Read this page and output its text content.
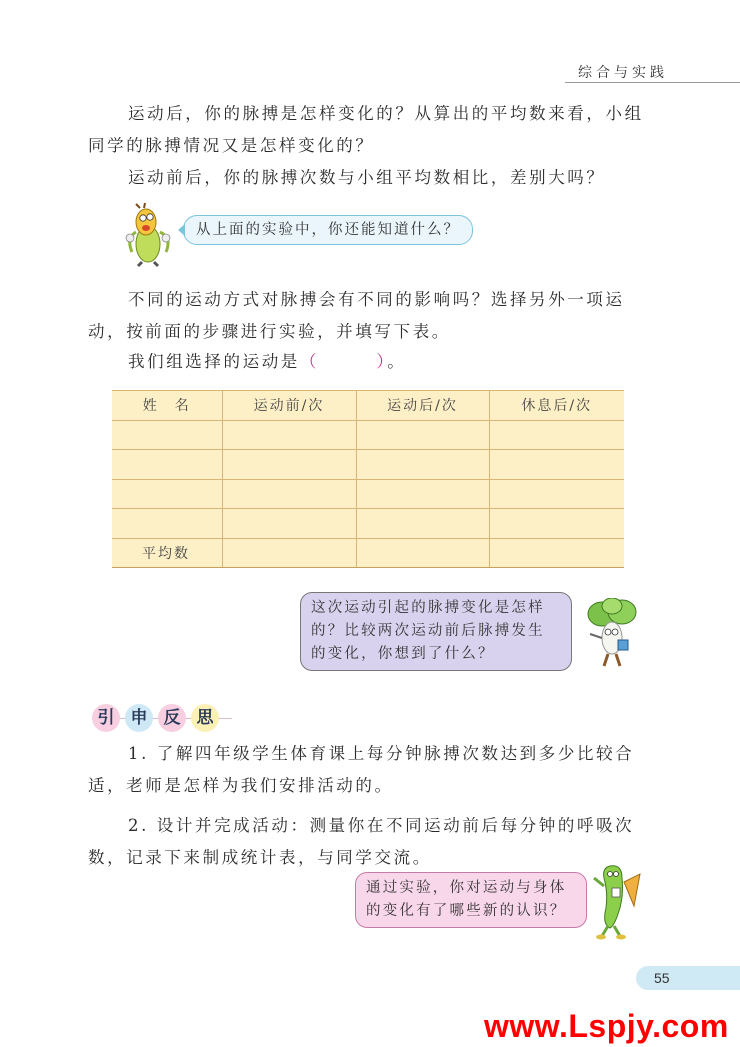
综合与实践
运动后，你的脉搏是怎样变化的？从算出的平均数来看，小组同学的脉搏情况又是怎样变化的？
运动前后，你的脉搏次数与小组平均数相比，差别大吗？
从上面的实验中，你还能知道什么？
不同的运动方式对脉搏会有不同的影响吗？选择另外一项运动，按前面的步骤进行实验，并填写下表。
我们组选择的运动是（　　　	）。
姓　名	运动前/次	运动后/次	休息后/次

平均数			
这次运动引起的脉搏变化是怎样的？比较两次运动前后脉搏发生的变化，你想到了什么？
引 申 反 思
1. 了解四年级学生体育课上每分钟脉搏次数达到多少比较合适，老师是怎样为我们安排活动的。
2. 设计并完成活动：测量你在不同运动前后每分钟的呼吸次数，记录下来制成统计表，与同学交流。
通过实验，你对运动与身体的变化有了哪些新的认识？
55
www.Lspjy.com
